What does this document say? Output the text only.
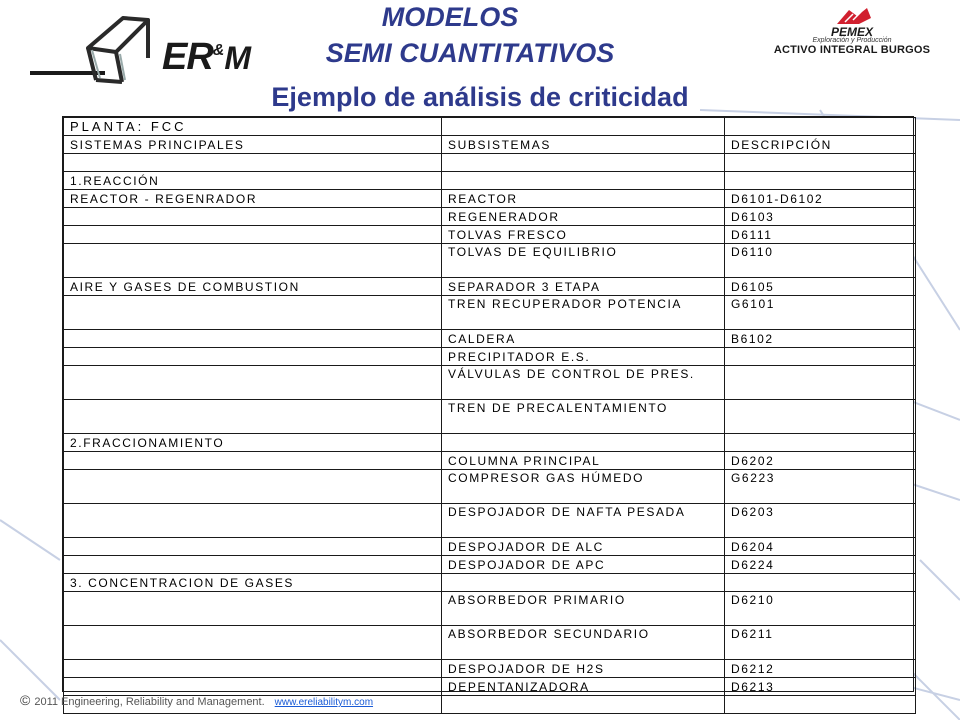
ER&M
MODELOS
SEMI CUANTITATIVOS
Ejemplo de análisis de criticidad
PEMEX
Exploración y Producción
ACTIVO INTEGRAL BURGOS
PLANTA: FCC		
SISTEMAS PRINCIPALES	SUBSISTEMAS	DESCRIPCIÓN

1.REACCIÓN		
REACTOR - REGENRADOR	REACTOR	D6101-D6102
	REGENERADOR	D6103
	TOLVAS FRESCO	D6111
	TOLVAS DE EQUILIBRIO	D6110
AIRE Y GASES DE COMBUSTION	SEPARADOR 3 ETAPA	D6105
	TREN RECUPERADOR POTENCIA	G6101
	CALDERA	B6102
	PRECIPITADOR E.S.	
	VÁLVULAS DE CONTROL DE PRES.	
	TREN DE PRECALENTAMIENTO	
2.FRACCIONAMIENTO		
	COLUMNA PRINCIPAL	D6202
	COMPRESOR GAS HÚMEDO	G6223
	DESPOJADOR DE NAFTA PESADA	D6203
	DESPOJADOR DE ALC	D6204
	DESPOJADOR DE APC	D6224
3. CONCENTRACION DE GASES		
	ABSORBEDOR PRIMARIO	D6210
	ABSORBEDOR SECUNDARIO	D6211
	DESPOJADOR DE H2S	D6212
	DEPENTANIZADORA	D6213

© 2011 Engineering, Reliability and Management. www.ereliabilitym.com
